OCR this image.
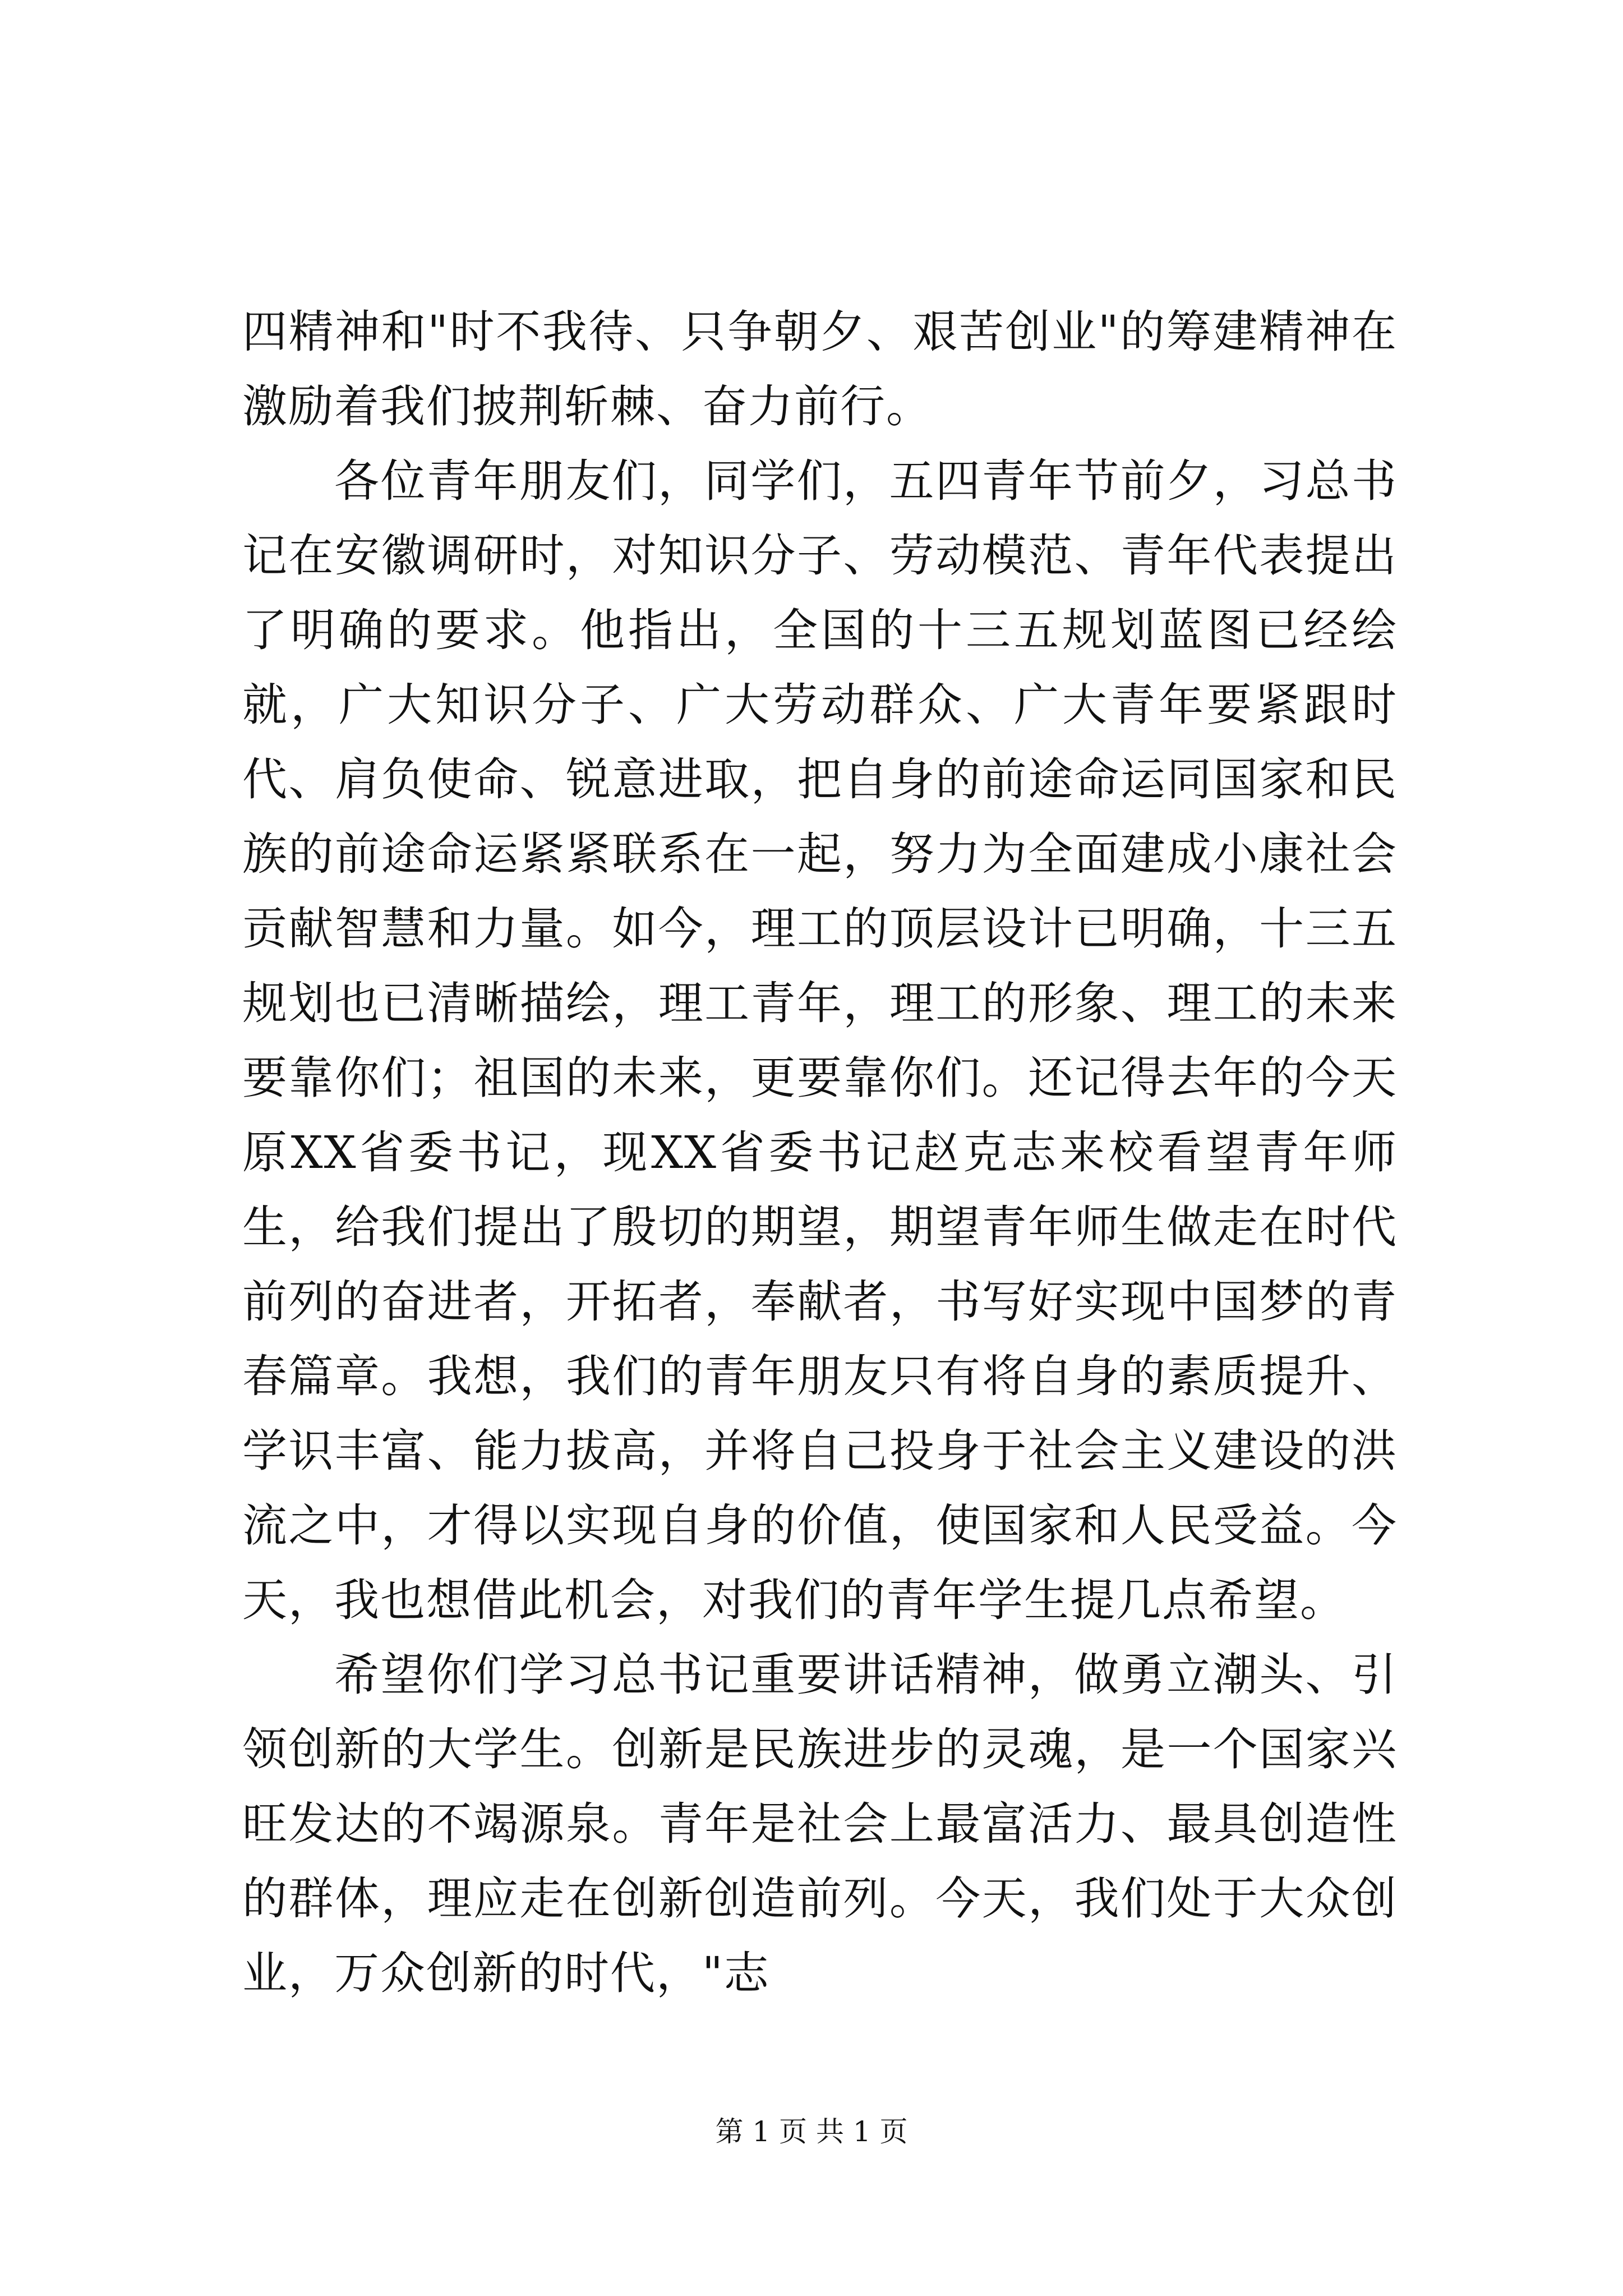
四精神和"时不我待、只争朝夕、艰苦创业"的筹建精神在激励着我们披荆斩棘、奋力前行。

各位青年朋友们，同学们，五四青年节前夕，习总书记在安徽调研时，对知识分子、劳动模范、青年代表提出了明确的要求。他指出，全国的十三五规划蓝图已经绘就，广大知识分子、广大劳动群众、广大青年要紧跟时代、肩负使命、锐意进取，把自身的前途命运同国家和民族的前途命运紧紧联系在一起，努力为全面建成小康社会贡献智慧和力量。如今，理工的顶层设计已明确，十三五规划也已清晰描绘，理工青年，理工的形象、理工的未来要靠你们；祖国的未来，更要靠你们。还记得去年的今天原XX省委书记，现XX省委书记赵克志来校看望青年师生，给我们提出了殷切的期望，期望青年师生做走在时代前列的奋进者，开拓者，奉献者，书写好实现中国梦的青春篇章。我想，我们的青年朋友只有将自身的素质提升、学识丰富、能力拔高，并将自己投身于社会主义建设的洪流之中，才得以实现自身的价值，使国家和人民受益。今天，我也想借此机会，对我们的青年学生提几点希望。

希望你们学习总书记重要讲话精神，做勇立潮头、引领创新的大学生。创新是民族进步的灵魂，是一个国家兴旺发达的不竭源泉。青年是社会上最富活力、最具创造性的群体，理应走在创新创造前列。今天，我们处于大众创业，万众创新的时代，"志

第 1 页 共 1 页
